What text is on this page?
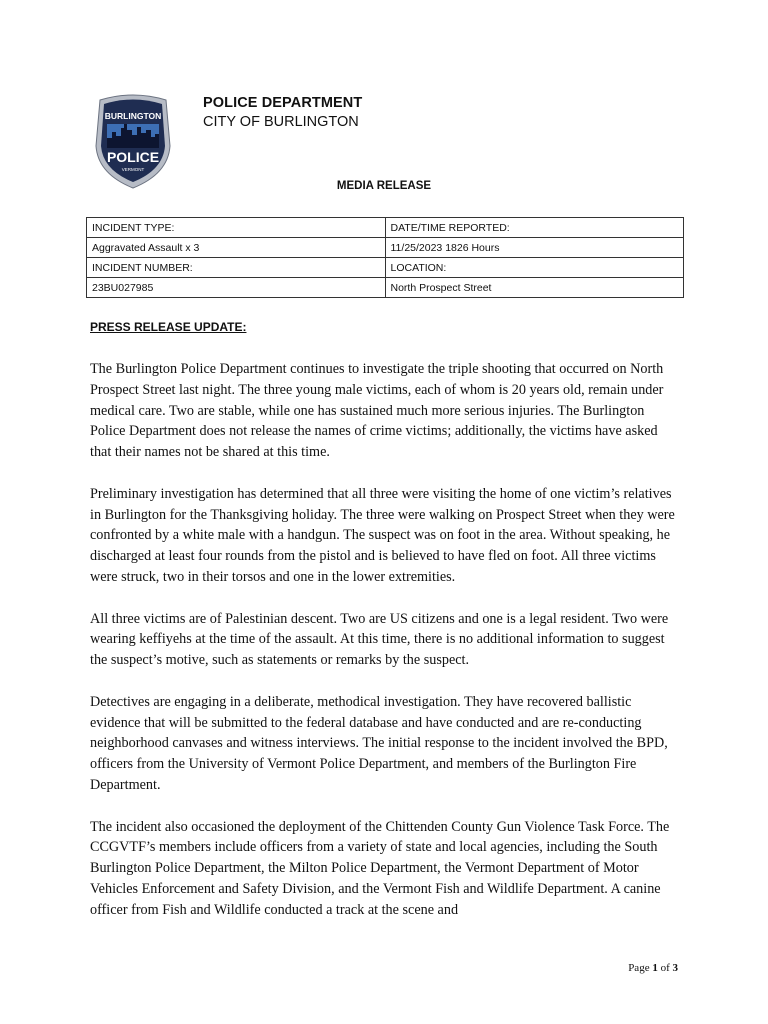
BURLINGTON
POLICE
VERMONT
POLICE DEPARTMENT
CITY OF BURLINGTON
MEDIA RELEASE
INCIDENT TYPE:	DATE/TIME REPORTED:
Aggravated Assault x 3	11/25/2023 1826 Hours
INCIDENT NUMBER:	LOCATION:
23BU027985	North Prospect Street
PRESS RELEASE UPDATE:

The Burlington Police Department continues to investigate the triple shooting that occurred on North Prospect Street last night. The three young male victims, each of whom is 20 years old, remain under medical care. Two are stable, while one has sustained much more serious injuries. The Burlington Police Department does not release the names of crime victims; additionally, the victims have asked that their names not be shared at this time.

Preliminary investigation has determined that all three were visiting the home of one victim’s relatives in Burlington for the Thanksgiving holiday. The three were walking on Prospect Street when they were confronted by a white male with a handgun. The suspect was on foot in the area. Without speaking, he discharged at least four rounds from the pistol and is believed to have fled on foot. All three victims were struck, two in their torsos and one in the lower extremities.

All three victims are of Palestinian descent. Two are US citizens and one is a legal resident. Two were wearing keffiyehs at the time of the assault. At this time, there is no additional information to suggest the suspect’s motive, such as statements or remarks by the suspect.

Detectives are engaging in a deliberate, methodical investigation. They have recovered ballistic evidence that will be submitted to the federal database and have conducted and are re-conducting neighborhood canvases and witness interviews. The initial response to the incident involved the BPD, officers from the University of Vermont Police Department, and members of the Burlington Fire Department.

The incident also occasioned the deployment of the Chittenden County Gun Violence Task Force. The CCGVTF’s members include officers from a variety of state and local agencies, including the South Burlington Police Department, the Milton Police Department, the Vermont Department of Motor Vehicles Enforcement and Safety Division, and the Vermont Fish and Wildlife Department. A canine officer from Fish and Wildlife conducted a track at the scene and

Page 1 of 3
